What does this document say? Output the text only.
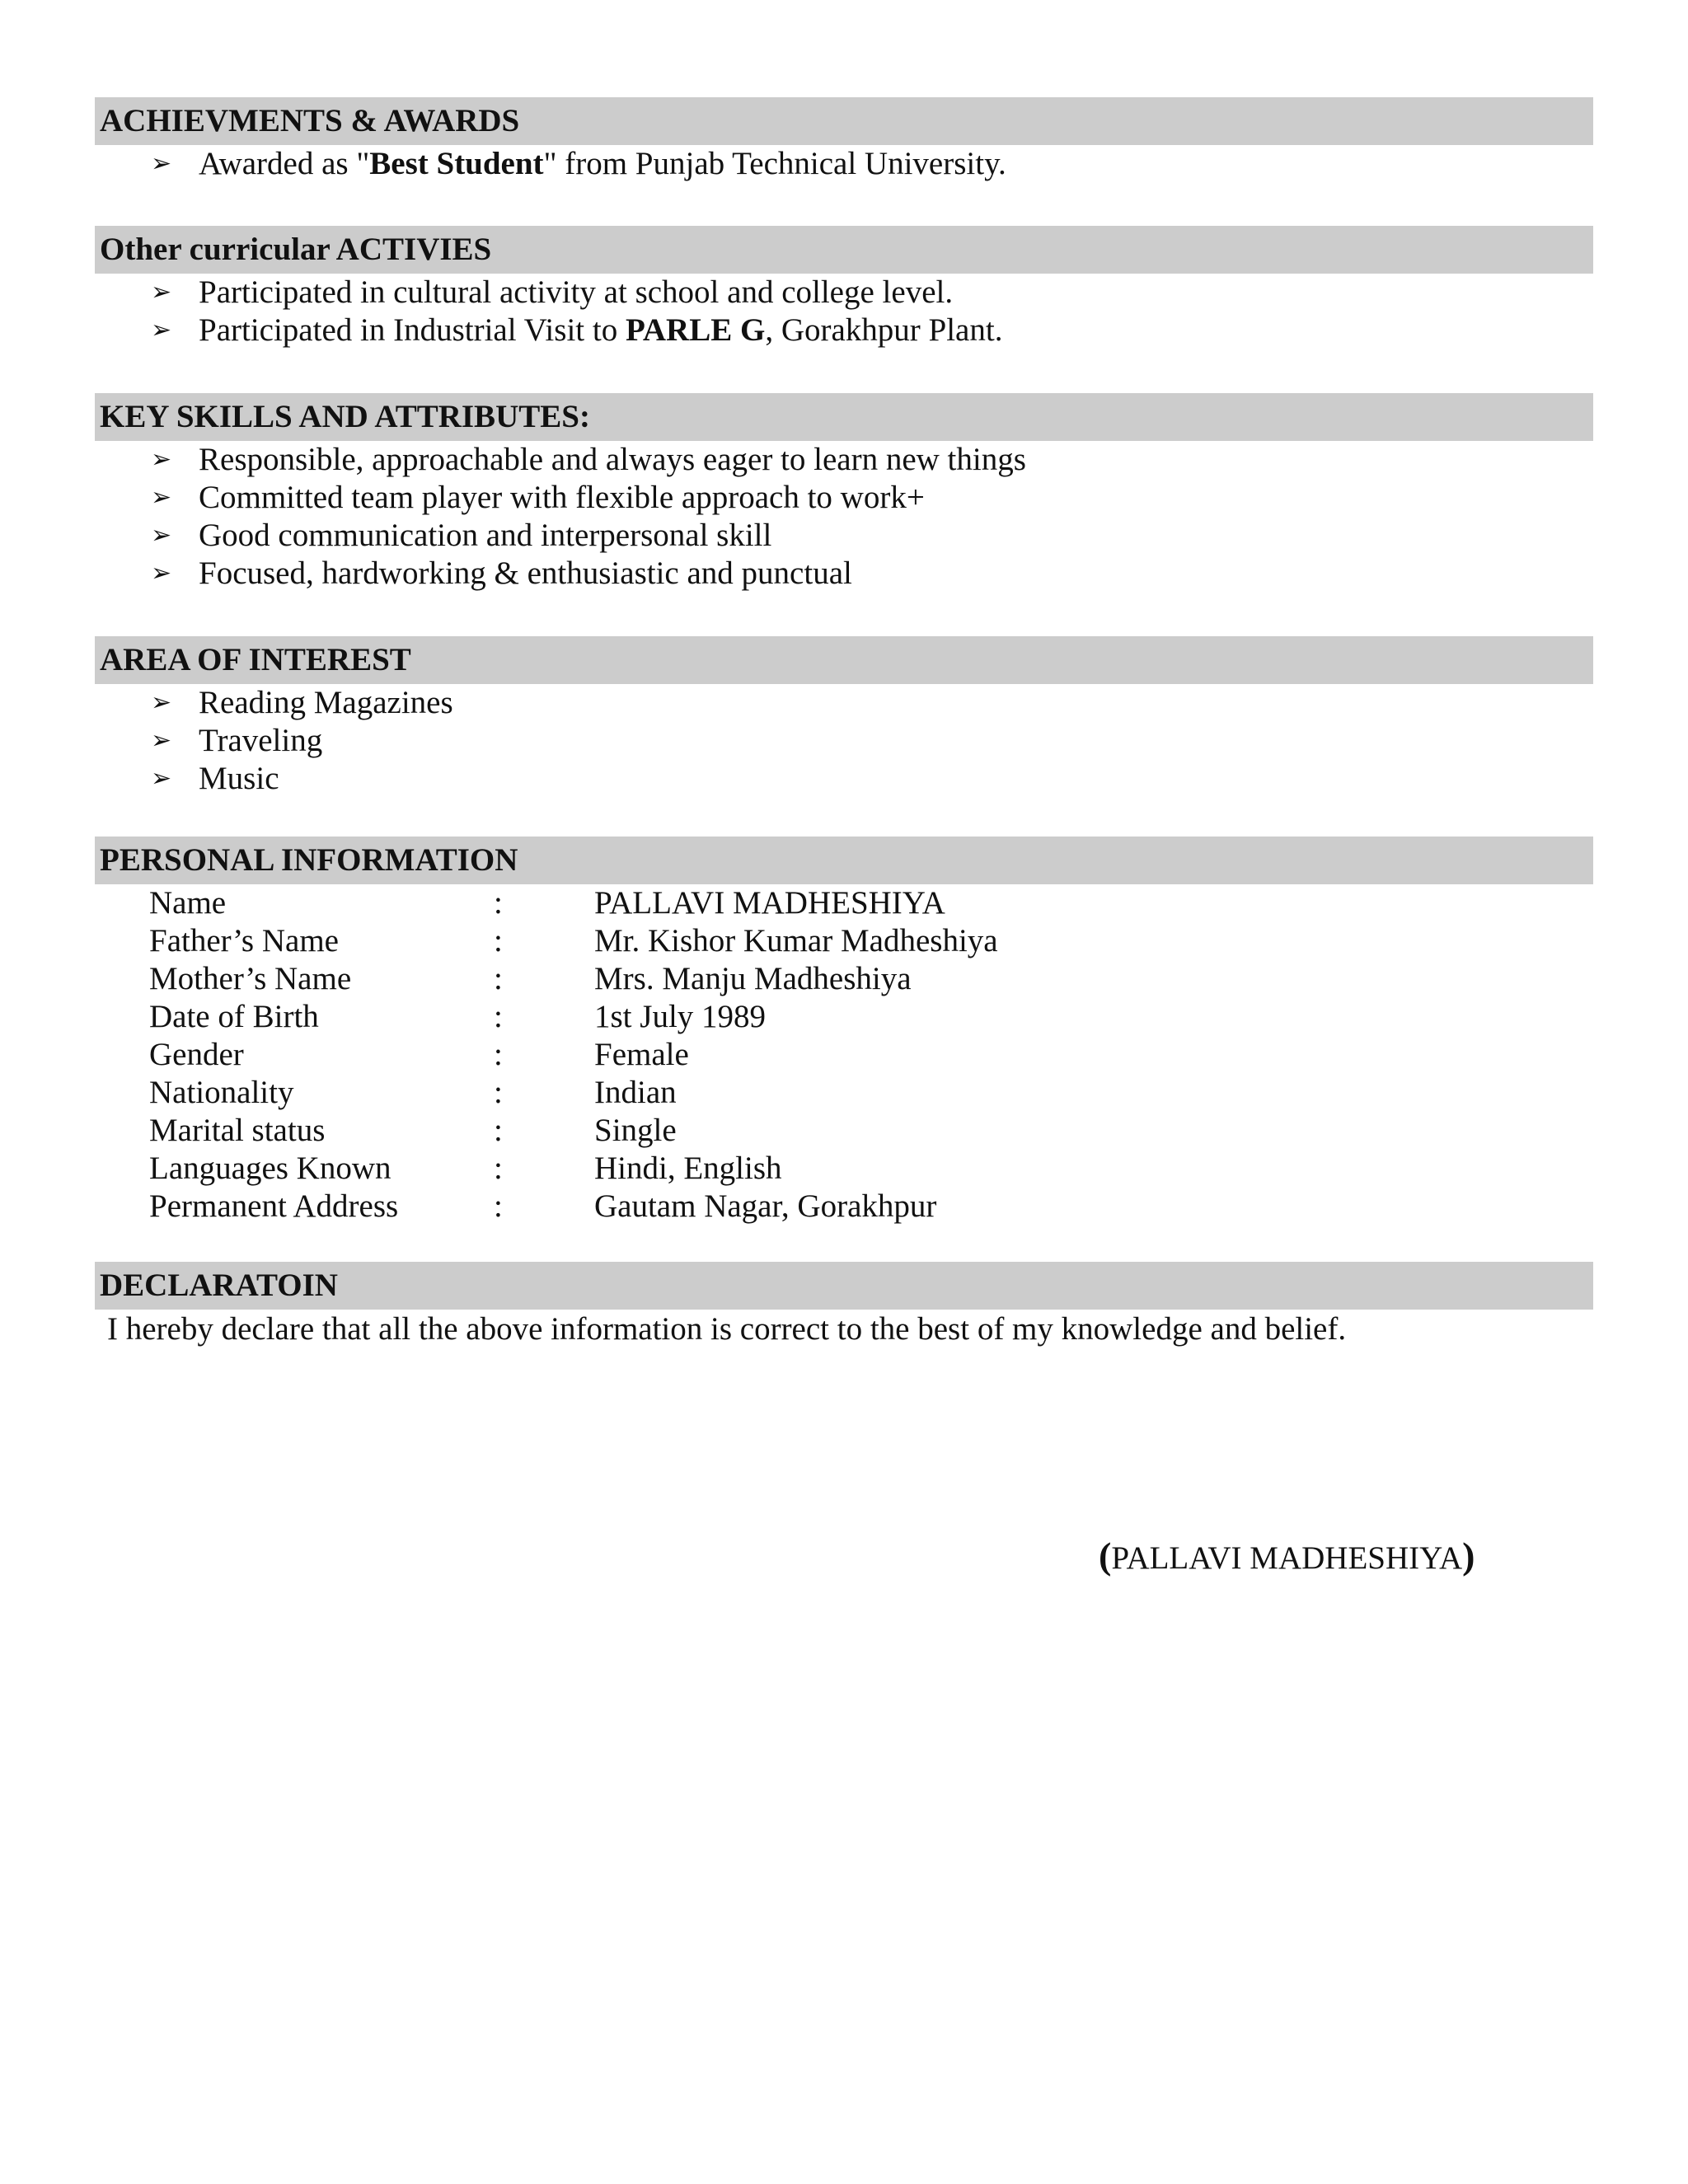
ACHIEVMENTS & AWARDS
➢ Awarded as "Best Student" from Punjab Technical University.
Other curricular ACTIVIES
➢ Participated in cultural activity at school and college level.
➢ Participated in Industrial Visit to PARLE G, Gorakhpur Plant.
KEY SKILLS AND ATTRIBUTES:
➢ Responsible, approachable and always eager to learn new things
➢ Committed team player with flexible approach to work+
➢ Good communication and interpersonal skill
➢ Focused, hardworking & enthusiastic and punctual
AREA OF INTEREST
➢ Reading Magazines
➢ Traveling
➢ Music
PERSONAL INFORMATION
Name	:	PALLAVI MADHESHIYA
Father’s Name	:	Mr. Kishor Kumar Madheshiya
Mother’s Name	:	Mrs. Manju Madheshiya
Date of Birth	:	1st July 1989
Gender	:	Female
Nationality	:	Indian
Marital status	:	Single
Languages Known	:	Hindi, English
Permanent Address	:	Gautam Nagar, Gorakhpur
DECLARATOIN
I hereby declare that all the above information is correct to the best of my knowledge and belief.
(PALLAVI MADHESHIYA)
